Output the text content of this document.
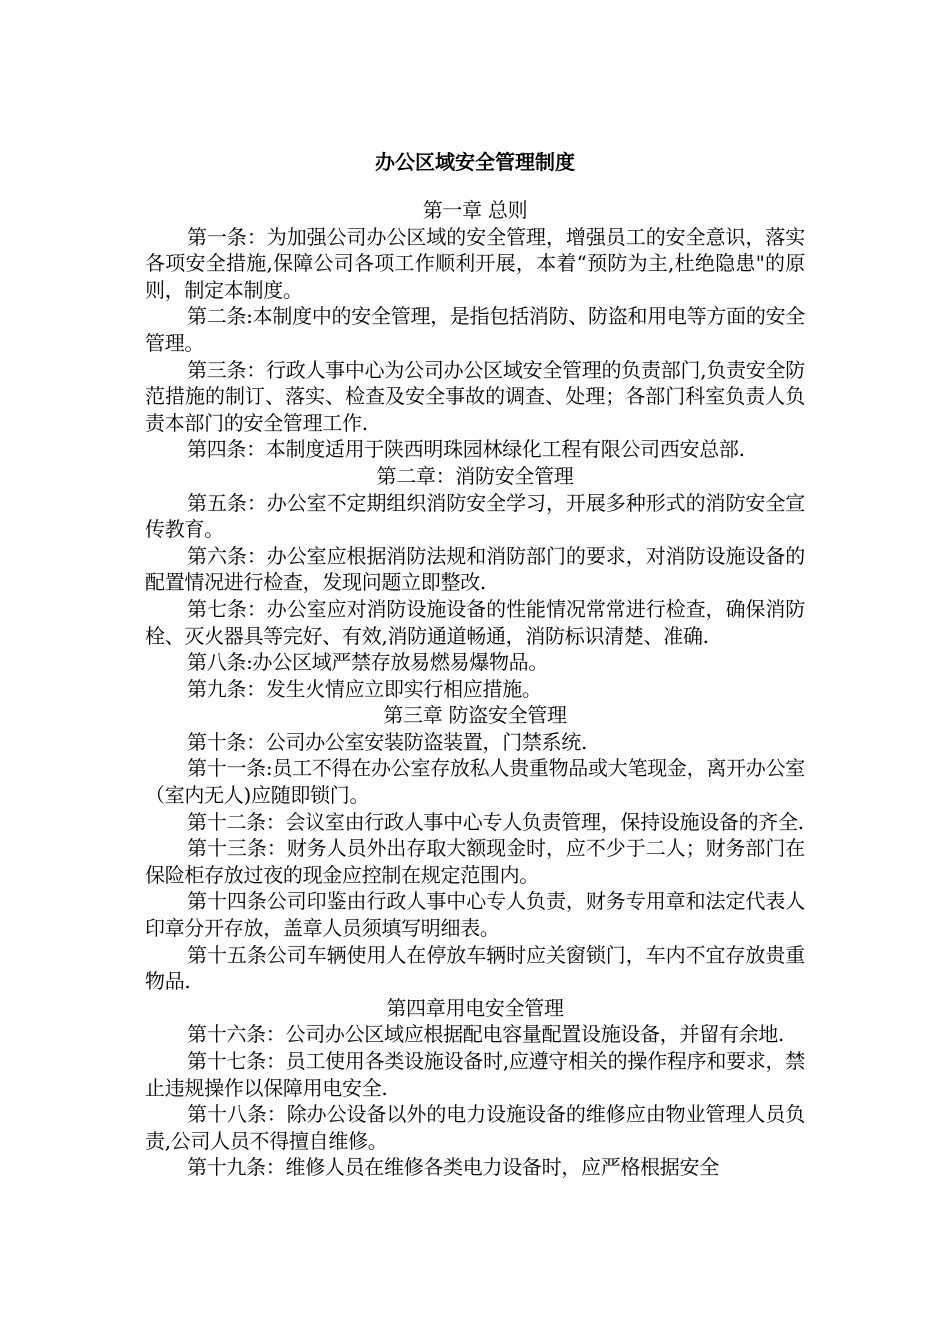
办公区域安全管理制度

第一章 总则

第一条：为加强公司办公区域的安全管理，增强员工的安全意识，落实各项安全措施,保障公司各项工作顺利开展，本着“预防为主,杜绝隐患"的原则，制定本制度。

第二条:本制度中的安全管理，是指包括消防、防盗和用电等方面的安全管理。

第三条：行政人事中心为公司办公区域安全管理的负责部门,负责安全防范措施的制订、落实、检查及安全事故的调查、处理；各部门科室负责人负责本部门的安全管理工作.

第四条：本制度适用于陕西明珠园林绿化工程有限公司西安总部.

第二章：消防安全管理

第五条：办公室不定期组织消防安全学习，开展多种形式的消防安全宣传教育。

第六条：办公室应根据消防法规和消防部门的要求，对消防设施设备的配置情况进行检查，发现问题立即整改.

第七条：办公室应对消防设施设备的性能情况常常进行检查，确保消防栓、灭火器具等完好、有效,消防通道畅通，消防标识清楚、准确.

第八条:办公区域严禁存放易燃易爆物品。

第九条：发生火情应立即实行相应措施。

第三章 防盗安全管理

第十条：公司办公室安装防盗装置，门禁系统.

第十一条:员工不得在办公室存放私人贵重物品或大笔现金，离开办公室（室内无人)应随即锁门。

第十二条：会议室由行政人事中心专人负责管理，保持设施设备的齐全.

第十三条：财务人员外出存取大额现金时，应不少于二人；财务部门在保险柜存放过夜的现金应控制在规定范围内。

第十四条公司印鉴由行政人事中心专人负责，财务专用章和法定代表人印章分开存放，盖章人员须填写明细表。

第十五条公司车辆使用人在停放车辆时应关窗锁门，车内不宜存放贵重物品.

第四章用电安全管理

第十六条：公司办公区域应根据配电容量配置设施设备，并留有余地.

第十七条：员工使用各类设施设备时,应遵守相关的操作程序和要求，禁止违规操作以保障用电安全.

第十八条：除办公设备以外的电力设施设备的维修应由物业管理人员负责,公司人员不得擅自维修。

第十九条：维修人员在维修各类电力设备时，应严格根据安全
